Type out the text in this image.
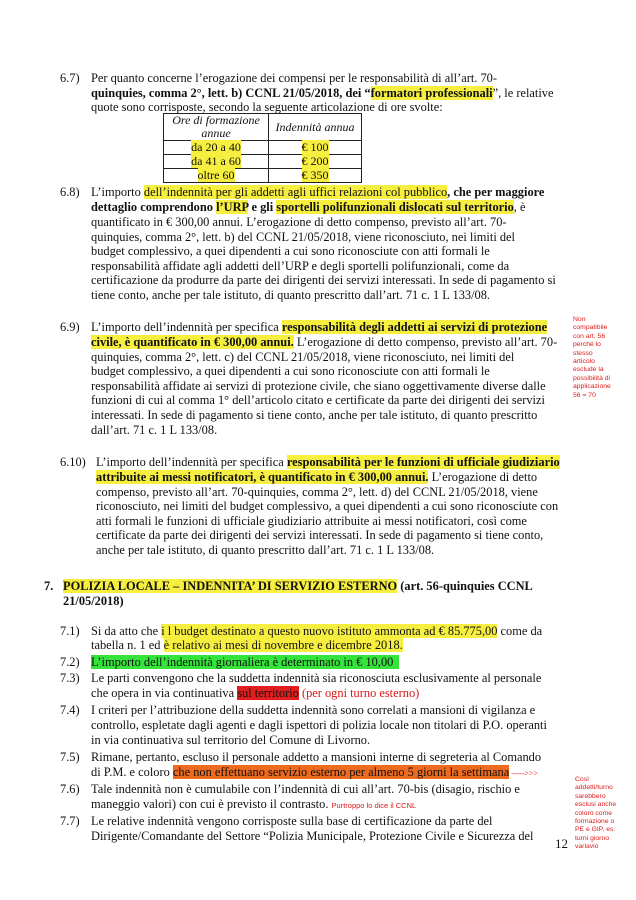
6.7) Per quanto concerne l’erogazione dei compensi per le responsabilità di all’art. 70-
quinquies, comma 2°, lett. b) CCNL 21/05/2018, dei “formatori professionali”, le relative
quote sono corrisposte, secondo la seguente articolazione di ore svolte:
Ore di formazione annue	Indennità annua
da 20 a 40	€ 100
da 41 a 60	€ 200
oltre 60	€ 350
6.8) L’importo dell’indennità per gli addetti agli uffici relazioni col pubblico, che per maggiore
dettaglio comprendono l’URP e gli sportelli polifunzionali dislocati sul territorio, è
quantificato in € 300,00 annui. L’erogazione di detto compenso, previsto all’art. 70-
quinquies, comma 2°, lett. b) del CCNL 21/05/2018, viene riconosciuto, nei limiti del
budget complessivo, a quei dipendenti a cui sono riconosciute con atti formali le
responsabilità affidate agli addetti dell’URP e degli sportelli polifunzionali, come da
certificazione da produrre da parte dei dirigenti dei servizi interessati. In sede di pagamento si
tiene conto, anche per tale istituto, di quanto prescritto dall’art. 71 c. 1 L 133/08.
6.9) L’importo dell’indennità per specifica responsabilità degli addetti ai servizi di protezione
civile, è quantificato in € 300,00 annui. L’erogazione di detto compenso, previsto all’art. 70-
quinquies, comma 2°, lett. c) del CCNL 21/05/2018, viene riconosciuto, nei limiti del
budget complessivo, a quei dipendenti a cui sono riconosciute con atti formali le
responsabilità affidate ai servizi di protezione civile, che siano oggettivamente diverse dalle
funzioni di cui al comma 1° dell’articolo citato e certificate da parte dei dirigenti dei servizi
interessati. In sede di pagamento si tiene conto, anche per tale istituto, di quanto prescritto
dall’art. 71 c. 1 L 133/08.
6.10) L’importo dell’indennità per specifica responsabilità per le funzioni di ufficiale giudiziario
attribuite ai messi notificatori, è quantificato in € 300,00 annui. L’erogazione di detto
compenso, previsto all’art. 70-quinquies, comma 2°, lett. d) del CCNL 21/05/2018, viene
riconosciuto, nei limiti del budget complessivo, a quei dipendenti a cui sono riconosciute con
atti formali le funzioni di ufficiale giudiziario attribuite ai messi notificatori, così come
certificate da parte dei dirigenti dei servizi interessati. In sede di pagamento si tiene conto,
anche per tale istituto, di quanto prescritto dall’art. 71 c. 1 L 133/08.
7. POLIZIA LOCALE – INDENNITA’ DI SERVIZIO ESTERNO (art. 56-quinquies CCNL
21/05/2018)
7.1) Si da atto che i l budget destinato a questo nuovo istituto ammonta ad € 85.775,00 come da
tabella n. 1 ed è relativo ai mesi di novembre e dicembre 2018.
7.2) L’importo dell’indennità giornaliera è determinato in € 10,00
7.3) Le parti convengono che la suddetta indennità sia riconosciuta esclusivamente al personale
che opera in via continuativa sul territorio (per ogni turno esterno)
7.4) I criteri per l’attribuzione della suddetta indennità sono correlati a mansioni di vigilanza e
controllo, espletate dagli agenti e dagli ispettori di polizia locale non titolari di P.O. operanti
in via continuativa sul territorio del Comune di Livorno.
7.5) Rimane, pertanto, escluso il personale addetto a mansioni interne di segreteria al Comando
di P.M. e coloro che non effettuano servizio esterno per almeno 5 giorni la settimana ----->>>
7.6) Tale indennità non è cumulabile con l’indennità di cui all’art. 70-bis (disagio, rischio e
maneggio valori) con cui è previsto il contrasto. Purtroppo lo dice il CCNL
7.7) Le relative indennità vengono corrisposte sulla base di certificazione da parte del
Dirigente/Comandante del Settore “Polizia Municipale, Protezione Civile e Sicurezza del
Non
compatibile
con art. 56
perché lo
stesso
articolo
esclude la
possibilità di
applicazione
56 = 70
Così
addetti/turno
sarebbero
esclusi anche
coloro come
formazione o
PE e GIP, es.
turni giorno
varlavio
12
